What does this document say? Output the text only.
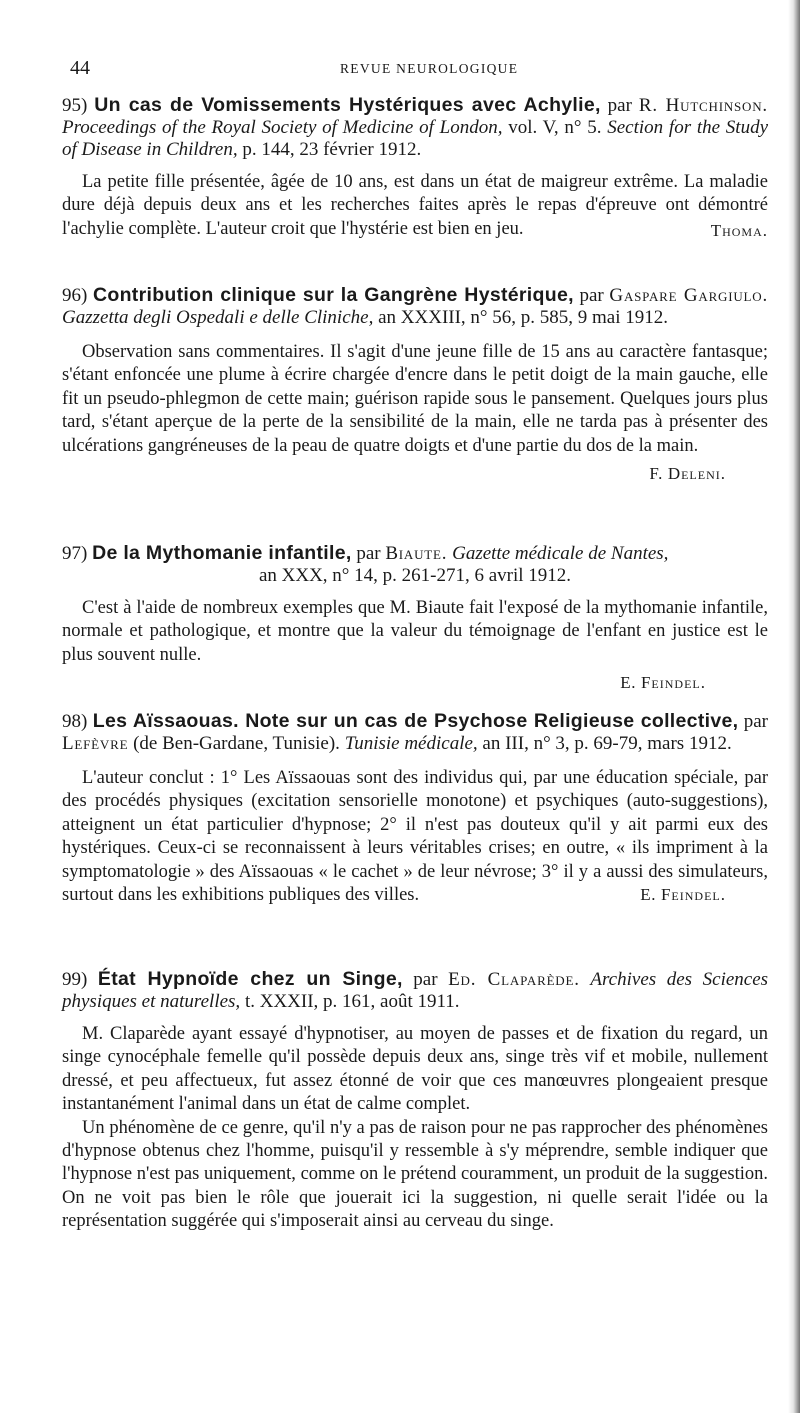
44	REVUE NEUROLOGIQUE
95) Un cas de Vomissements Hystériques avec Achylie, par R. Hutchinson. Proceedings of the Royal Society of Medicine of London, vol. V, n° 5. Section for the Study of Disease in Children, p. 144, 23 février 1912.

La petite fille présentée, âgée de 10 ans, est dans un état de maigreur extrême. La maladie dure déjà depuis deux ans et les recherches faites après le repas d'épreuve ont démontré l'achylie complète. L'auteur croit que l'hystérie est bien en jeu.	Thoma.
96) Contribution clinique sur la Gangrène Hystérique, par Gaspare Gargiulo. Gazzetta degli Ospedali e delle Cliniche, an XXXIII, n° 56, p. 585, 9 mai 1912.

Observation sans commentaires. Il s'agit d'une jeune fille de 15 ans au caractère fantasque; s'étant enfoncée une plume à écrire chargée d'encre dans le petit doigt de la main gauche, elle fit un pseudo-phlegmon de cette main; guérison rapide sous le pansement. Quelques jours plus tard, s'étant aperçue de la perte de la sensibilité de la main, elle ne tarda pas à présenter des ulcérations gangréneuses de la peau de quatre doigts et d'une partie du dos de la main.

F. Deleni.
97) De la Mythomanie infantile, par Biaute. Gazette médicale de Nantes,
an XXX, n° 14, p. 261-271, 6 avril 1912.

C'est à l'aide de nombreux exemples que M. Biaute fait l'exposé de la mythomanie infantile, normale et pathologique, et montre que la valeur du témoignage de l'enfant en justice est le plus souvent nulle.

E. Feindel.
98) Les Aïssaouas. Note sur un cas de Psychose Religieuse collective, par Lefèvre (de Ben-Gardane, Tunisie). Tunisie médicale, an III, n° 3, p. 69-79, mars 1912.

L'auteur conclut : 1° Les Aïssaouas sont des individus qui, par une éducation spéciale, par des procédés physiques (excitation sensorielle monotone) et psychiques (auto-suggestions), atteignent un état particulier d'hypnose; 2° il n'est pas douteux qu'il y ait parmi eux des hystériques. Ceux-ci se reconnaissent à leurs véritables crises; en outre, « ils impriment à la symptomatologie » des Aïssaouas « le cachet » de leur névrose; 3° il y a aussi des simulateurs, surtout dans les exhibitions publiques des villes.	E. Feindel.
99) État Hypnoïde chez un Singe, par Ed. Claparède. Archives des Sciences physiques et naturelles, t. XXXII, p. 161, août 1911.

M. Claparède ayant essayé d'hypnotiser, au moyen de passes et de fixation du regard, un singe cynocéphale femelle qu'il possède depuis deux ans, singe très vif et mobile, nullement dressé, et peu affectueux, fut assez étonné de voir que ces manœuvres plongeaient presque instantanément l'animal dans un état de calme complet.

Un phénomène de ce genre, qu'il n'y a pas de raison pour ne pas rapprocher des phénomènes d'hypnose obtenus chez l'homme, puisqu'il y ressemble à s'y méprendre, semble indiquer que l'hypnose n'est pas uniquement, comme on le prétend couramment, un produit de la suggestion. On ne voit pas bien le rôle que jouerait ici la suggestion, ni quelle serait l'idée ou la représentation suggérée qui s'imposerait ainsi au cerveau du singe.
